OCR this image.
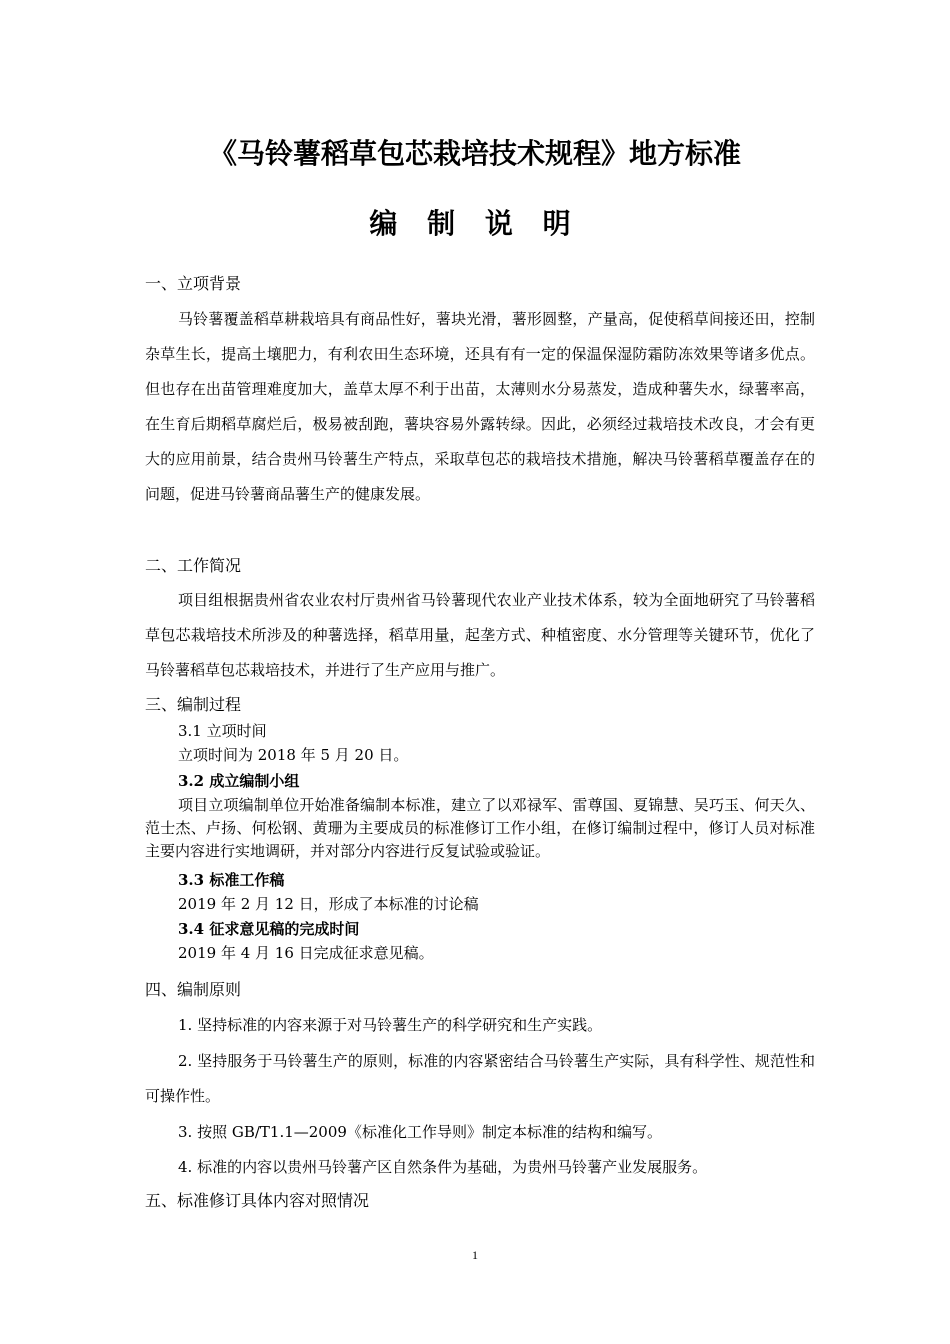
《马铃薯稻草包芯栽培技术规程》地方标准
编 制 说 明
一、立项背景
马铃薯覆盖稻草耕栽培具有商品性好，薯块光滑，薯形圆整，产量高，促使稻草间接还田，控制杂草生长，提高土壤肥力，有利农田生态环境，还具有有一定的保温保湿防霜防冻效果等诸多优点。但也存在出苗管理难度加大，盖草太厚不利于出苗，太薄则水分易蒸发，造成种薯失水，绿薯率高，在生育后期稻草腐烂后，极易被刮跑，薯块容易外露转绿。因此，必须经过栽培技术改良，才会有更大的应用前景，结合贵州马铃薯生产特点，采取草包芯的栽培技术措施，解决马铃薯稻草覆盖存在的问题，促进马铃薯商品薯生产的健康发展。
二、工作简况
项目组根据贵州省农业农村厅贵州省马铃薯现代农业产业技术体系，较为全面地研究了马铃薯稻草包芯栽培技术所涉及的种薯选择，稻草用量，起垄方式、种植密度、水分管理等关键环节，优化了马铃薯稻草包芯栽培技术，并进行了生产应用与推广。
三、编制过程
3.1 立项时间
立项时间为 2018 年 5 月 20 日。
3.2 成立编制小组
项目立项编制单位开始准备编制本标准，建立了以邓禄军、雷尊国、夏锦慧、吴巧玉、何天久、范士杰、卢扬、何松钢、黄珊为主要成员的标准修订工作小组，在修订编制过程中，修订人员对标准主要内容进行实地调研，并对部分内容进行反复试验或验证。
3.3 标准工作稿
2019 年 2 月 12 日，形成了本标准的讨论稿
3.4 征求意见稿的完成时间
2019 年 4 月 16 日完成征求意见稿。
四、编制原则
1. 坚持标准的内容来源于对马铃薯生产的科学研究和生产实践。
2. 坚持服务于马铃薯生产的原则，标准的内容紧密结合马铃薯生产实际，具有科学性、规范性和可操作性。
3. 按照 GB/T1.1—2009《标准化工作导则》制定本标准的结构和编写。
4. 标准的内容以贵州马铃薯产区自然条件为基础，为贵州马铃薯产业发展服务。
五、标准修订具体内容对照情况
1
